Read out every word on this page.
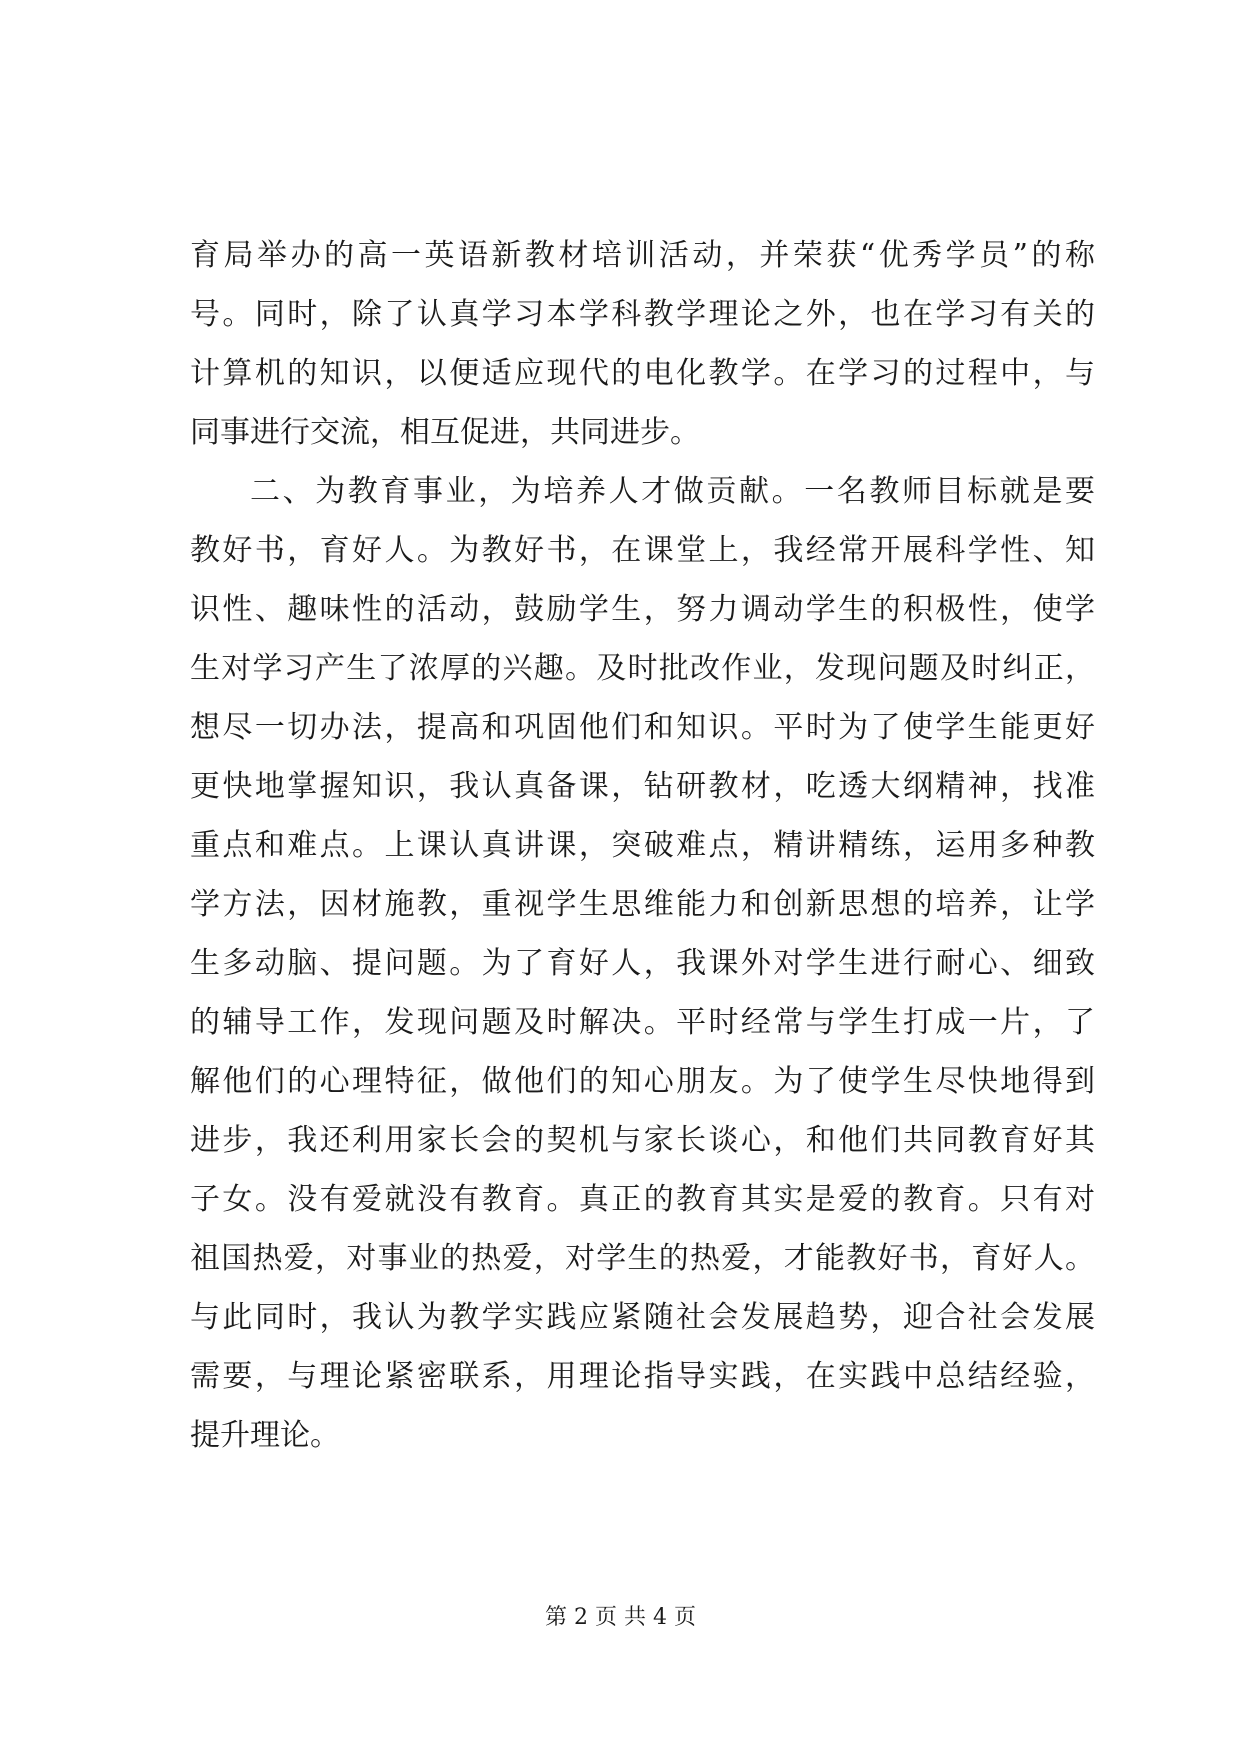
育局举办的高一英语新教材培训活动，并荣获“优秀学员”的称
号。同时，除了认真学习本学科教学理论之外，也在学习有关的
计算机的知识，以便适应现代的电化教学。在学习的过程中，与
同事进行交流，相互促进，共同进步。
二、为教育事业，为培养人才做贡献。一名教师目标就是要
教好书，育好人。为教好书，在课堂上，我经常开展科学性、知
识性、趣味性的活动，鼓励学生，努力调动学生的积极性，使学
生对学习产生了浓厚的兴趣。及时批改作业，发现问题及时纠正，
想尽一切办法，提高和巩固他们和知识。平时为了使学生能更好
更快地掌握知识，我认真备课，钻研教材，吃透大纲精神，找准
重点和难点。上课认真讲课，突破难点，精讲精练，运用多种教
学方法，因材施教，重视学生思维能力和创新思想的培养，让学
生多动脑、提问题。为了育好人，我课外对学生进行耐心、细致
的辅导工作，发现问题及时解决。平时经常与学生打成一片，了
解他们的心理特征，做他们的知心朋友。为了使学生尽快地得到
进步，我还利用家长会的契机与家长谈心，和他们共同教育好其
子女。没有爱就没有教育。真正的教育其实是爱的教育。只有对
祖国热爱，对事业的热爱，对学生的热爱，才能教好书，育好人。
与此同时，我认为教学实践应紧随社会发展趋势，迎合社会发展
需要，与理论紧密联系，用理论指导实践，在实践中总结经验，
提升理论。
第 2 页 共 4 页
